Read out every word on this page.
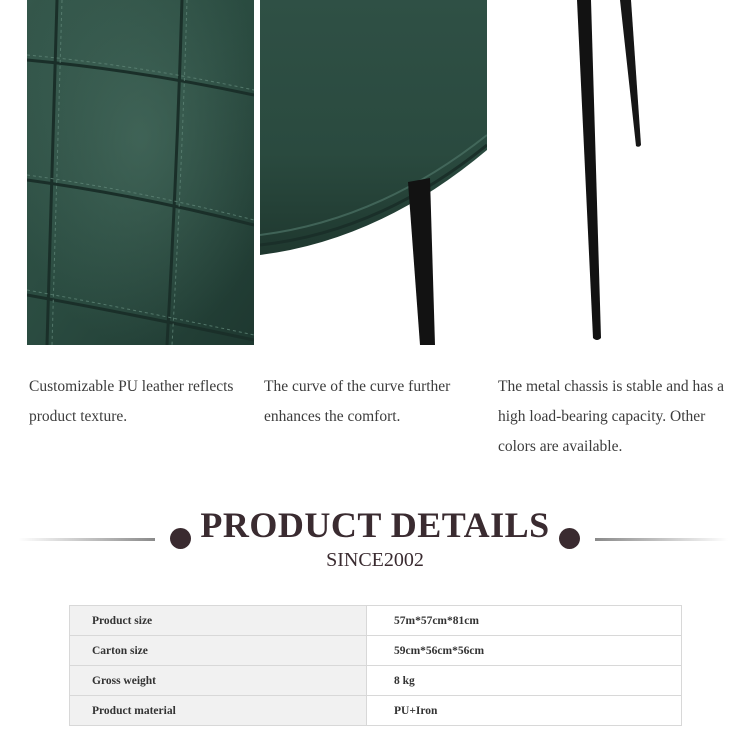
Customizable PU leather reflects product texture.
The curve of the curve further enhances the comfort.
The metal chassis is stable and has a high load-bearing capacity. Other colors are available.
PRODUCT DETAILS
SINCE2002
Product size	57m*57cm*81cm
Carton size	59cm*56cm*56cm
Gross weight	8 kg
Product material	PU+Iron
